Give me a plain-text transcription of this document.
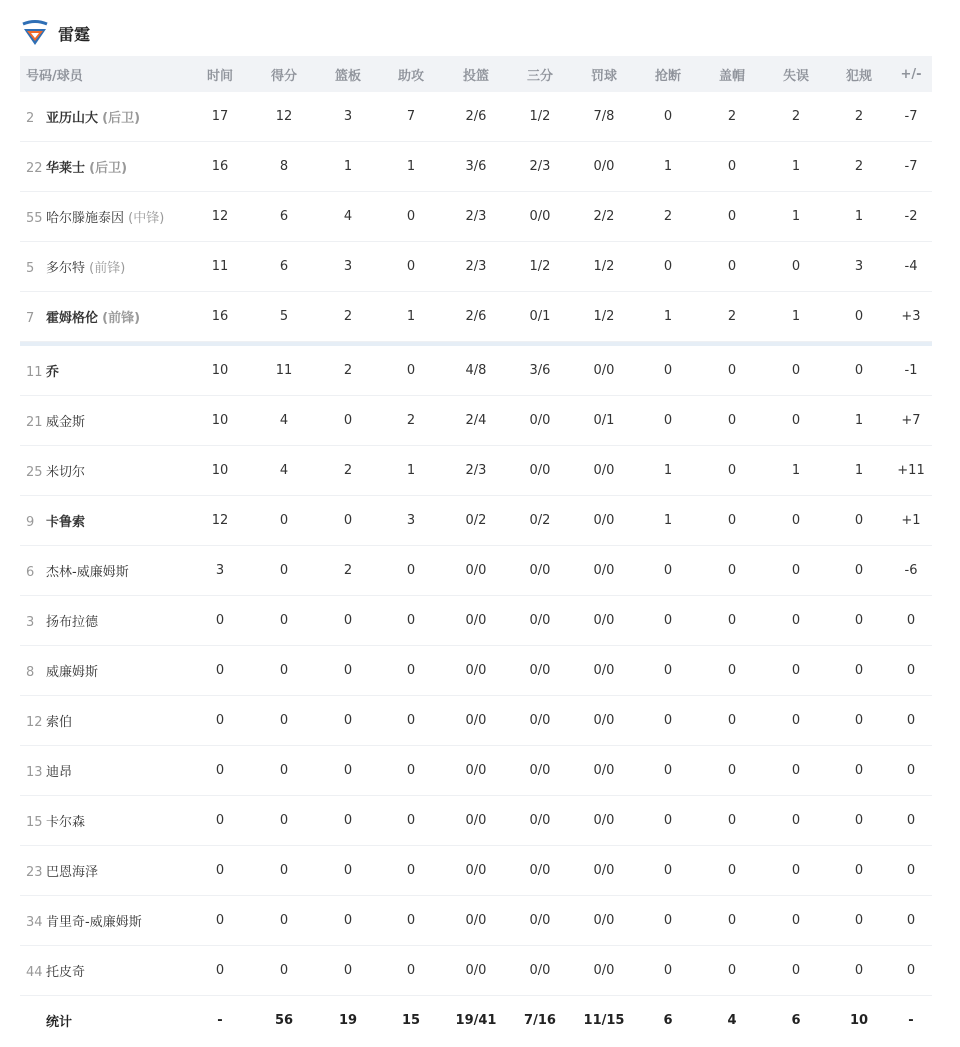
雷霆
号码/球员	时间	得分	篮板	助攻	投篮	三分	罚球	抢断	盖帽	失误	犯规	+/-
2 亚历山大 (后卫)	17	12	3	7	2/6	1/2	7/8	0	2	2	2	-7
22 华莱士 (后卫)	16	8	1	1	3/6	2/3	0/0	1	0	1	2	-7
55 哈尔滕施泰因 (中锋)	12	6	4	0	2/3	0/0	2/2	2	0	1	1	-2
5 多尔特 (前锋)	11	6	3	0	2/3	1/2	1/2	0	0	0	3	-4
7 霍姆格伦 (前锋)	16	5	2	1	2/6	0/1	1/2	1	2	1	0	+3

11 乔	10	11	2	0	4/8	3/6	0/0	0	0	0	0	-1
21 威金斯	10	4	0	2	2/4	0/0	0/1	0	0	0	1	+7
25 米切尔	10	4	2	1	2/3	0/0	0/0	1	0	1	1	+11
9 卡鲁索	12	0	0	3	0/2	0/2	0/0	1	0	0	0	+1
6 杰林-威廉姆斯	3	0	2	0	0/0	0/0	0/0	0	0	0	0	-6
3 扬布拉德	0	0	0	0	0/0	0/0	0/0	0	0	0	0	0
8 威廉姆斯	0	0	0	0	0/0	0/0	0/0	0	0	0	0	0
12 索伯	0	0	0	0	0/0	0/0	0/0	0	0	0	0	0
13 迪昂	0	0	0	0	0/0	0/0	0/0	0	0	0	0	0
15 卡尔森	0	0	0	0	0/0	0/0	0/0	0	0	0	0	0
23 巴恩海泽	0	0	0	0	0/0	0/0	0/0	0	0	0	0	0
34 肯里奇-威廉姆斯	0	0	0	0	0/0	0/0	0/0	0	0	0	0	0
44 托皮奇	0	0	0	0	0/0	0/0	0/0	0	0	0	0	0
统计	-	56	19	15	19/41	7/16	11/15	6	4	6	10	-
